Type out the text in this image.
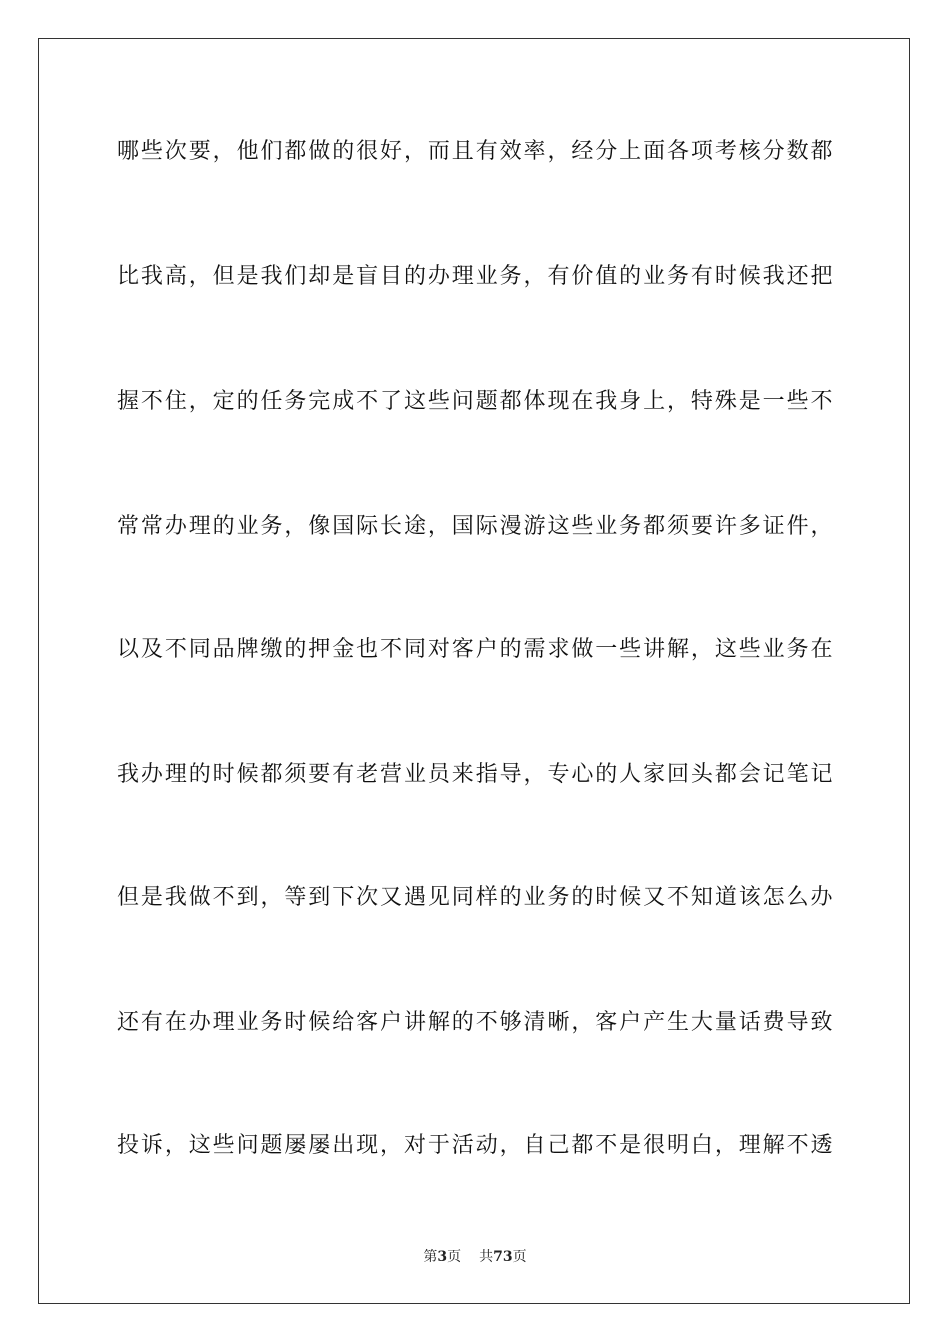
哪些次要，他们都做的很好，而且有效率，经分上面各项考核分数都
比我高，但是我们却是盲目的办理业务，有价值的业务有时候我还把
握不住，定的任务完成不了这些问题都体现在我身上，特殊是一些不
常常办理的业务，像国际长途，国际漫游这些业务都须要许多证件，
以及不同品牌缴的押金也不同对客户的需求做一些讲解，这些业务在
我办理的时候都须要有老营业员来指导，专心的人家回头都会记笔记
但是我做不到，等到下次又遇见同样的业务的时候又不知道该怎么办
还有在办理业务时候给客户讲解的不够清晰，客户产生大量话费导致
投诉，这些问题屡屡出现，对于活动，自己都不是很明白，理解不透
第3页 共73页
